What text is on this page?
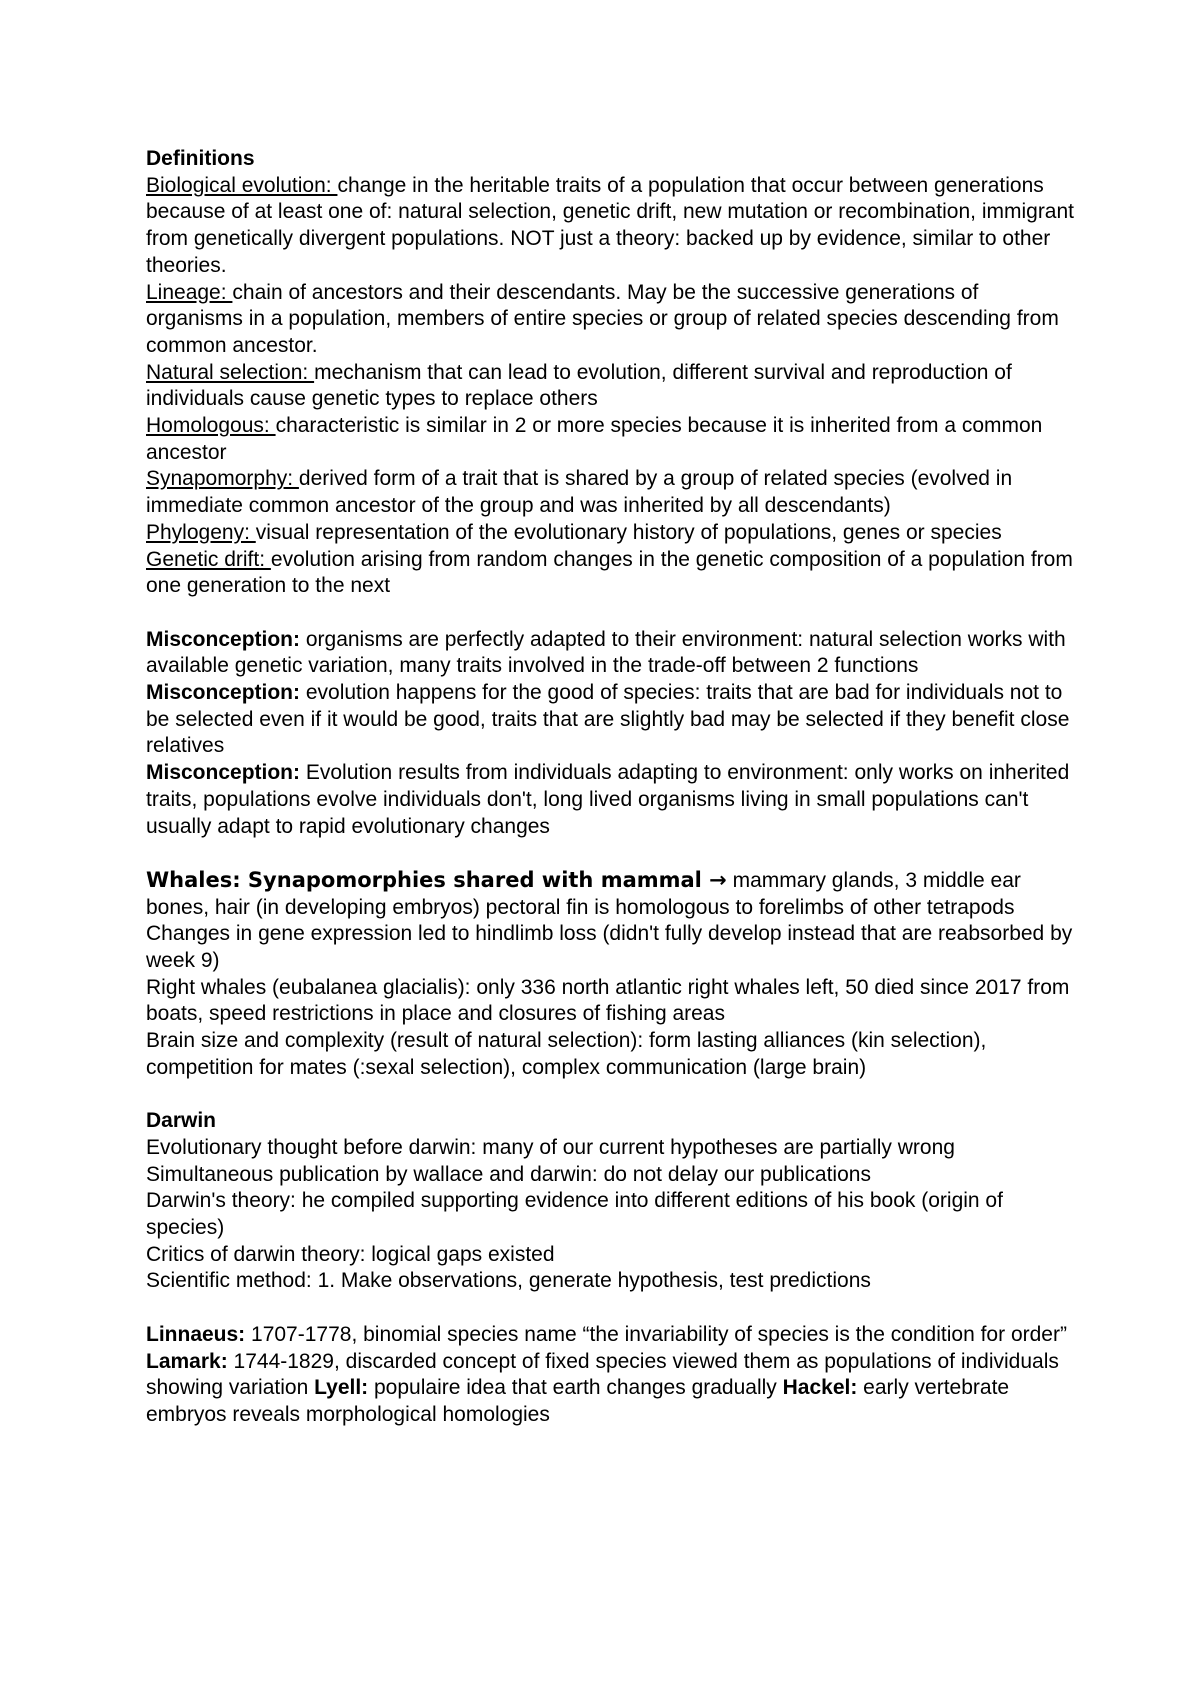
Definitions

Biological evolution: change in the heritable traits of a population that occur between generations because of at least one of: natural selection, genetic drift, new mutation or recombination, immigrant from genetically divergent populations. NOT just a theory: backed up by evidence, similar to other theories.

Lineage: chain of ancestors and their descendants. May be the successive generations of organisms in a population, members of entire species or group of related species descending from common ancestor.

Natural selection: mechanism that can lead to evolution, different survival and reproduction of individuals cause genetic types to replace others

Homologous: characteristic is similar in 2 or more species because it is inherited from a common ancestor

Synapomorphy: derived form of a trait that is shared by a group of related species (evolved in immediate common ancestor of the group and was inherited by all descendants)

Phylogeny: visual representation of the evolutionary history of populations, genes or species

Genetic drift: evolution arising from random changes in the genetic composition of a population from one generation to the next

Misconception: organisms are perfectly adapted to their environment: natural selection works with available genetic variation, many traits involved in the trade-off between 2 functions

Misconception: evolution happens for the good of species: traits that are bad for individuals not to be selected even if it would be good, traits that are slightly bad may be selected if they benefit close relatives

Misconception: Evolution results from individuals adapting to environment: only works on inherited traits, populations evolve individuals don't, long lived organisms living in small populations can't usually adapt to rapid evolutionary changes

Whales: Synapomorphies shared with mammal → mammary glands, 3 middle ear bones, hair (in developing embryos) pectoral fin is homologous to forelimbs of other tetrapods

Changes in gene expression led to hindlimb loss (didn't fully develop instead that are reabsorbed by week 9)

Right whales (eubalanea glacialis): only 336 north atlantic right whales left, 50 died since 2017 from boats, speed restrictions in place and closures of fishing areas

Brain size and complexity (result of natural selection): form lasting alliances (kin selection), competition for mates (:sexal selection), complex communication (large brain)

Darwin

Evolutionary thought before darwin: many of our current hypotheses are partially wrong

Simultaneous publication by wallace and darwin: do not delay our publications

Darwin's theory: he compiled supporting evidence into different editions of his book (origin of species)

Critics of darwin theory: logical gaps existed

Scientific method: 1. Make observations, generate hypothesis, test predictions

Linnaeus: 1707-1778, binomial species name “the invariability of species is the condition for order” Lamark: 1744-1829, discarded concept of fixed species viewed them as populations of individuals showing variation Lyell: populaire idea that earth changes gradually Hackel: early vertebrate embryos reveals morphological homologies
